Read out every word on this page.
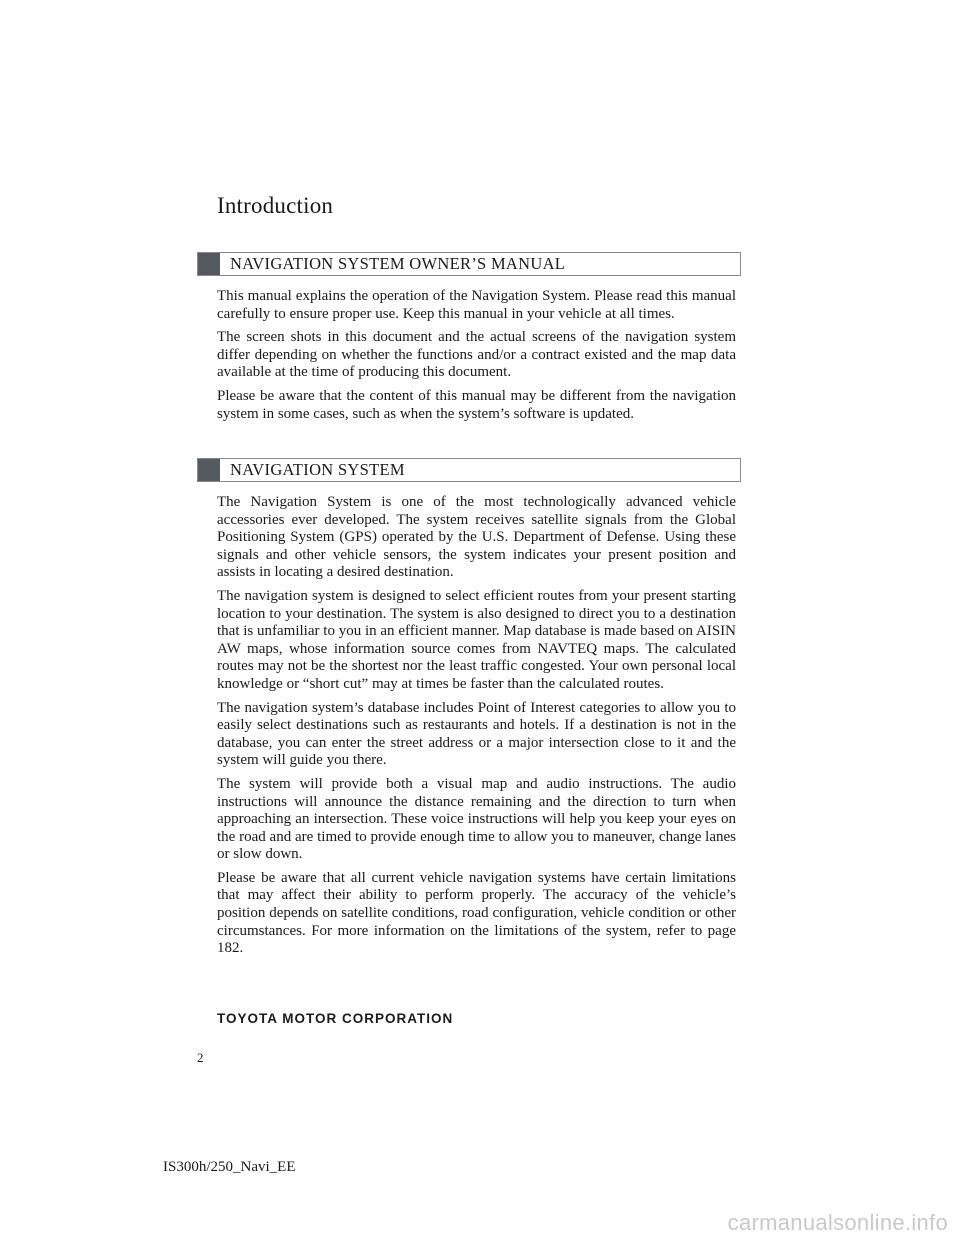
Introduction
NAVIGATION SYSTEM OWNER’S MANUAL

This manual explains the operation of the Navigation System. Please read this manual carefully to ensure proper use. Keep this manual in your vehicle at all times.

The screen shots in this document and the actual screens of the navigation system differ depending on whether the functions and/or a contract existed and the map data available at the time of producing this document.

Please be aware that the content of this manual may be different from the navigation system in some cases, such as when the system’s software is updated.

NAVIGATION SYSTEM

The Navigation System is one of the most technologically advanced vehicle accessories ever developed. The system receives satellite signals from the Global Positioning System (GPS) operated by the U.S. Department of Defense. Using these signals and other vehicle sensors, the system indicates your present position and assists in locating a desired destination.

The navigation system is designed to select efficient routes from your present starting location to your destination. The system is also designed to direct you to a destination that is unfamiliar to you in an efficient manner. Map database is made based on AISIN AW maps, whose information source comes from NAVTEQ maps. The calculated routes may not be the shortest nor the least traffic congested. Your own personal local knowledge or “short cut” may at times be faster than the calculated routes.

The navigation system’s database includes Point of Interest categories to allow you to easily select destinations such as restaurants and hotels. If a destination is not in the database, you can enter the street address or a major intersection close to it and the system will guide you there.

The system will provide both a visual map and audio instructions. The audio instructions will announce the distance remaining and the direction to turn when approaching an intersection. These voice instructions will help you keep your eyes on the road and are timed to provide enough time to allow you to maneuver, change lanes or slow down.

Please be aware that all current vehicle navigation systems have certain limitations that may affect their ability to perform properly. The accuracy of the vehicle’s position depends on satellite conditions, road configuration, vehicle condition or other circumstances. For more information on the limitations of the system, refer to page 182.

TOYOTA MOTOR CORPORATION
2
IS300h/250_Navi_EE
carmanualsonline.info
